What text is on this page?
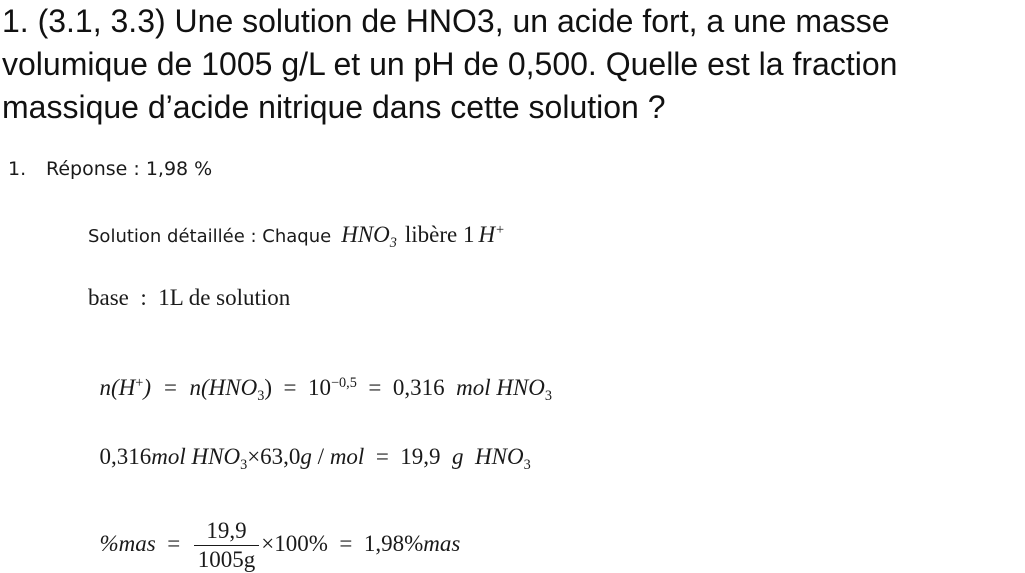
1. (3.1, 3.3) Une solution de HNO3, un acide fort, a une masse
volumique de 1005 g/L et un pH de 0,500. Quelle est la fraction
massique d’acide nitrique dans cette solution ?
1. Réponse : 1,98 %
Solution détaillée : Chaque $HNO_3$ libère 1 H+
base  :  1L de solution

$n(H^+) = n(HNO_3) = 10^{-0,5} = 0,316$ mol $HNO_3$

0,316mol $HNO_3\times 63,0g$ / mol  =  19,9  g  $HNO_3$

$\%mas = \frac{19,9}{1005g} \times 100\% = 1,98\%mas$
